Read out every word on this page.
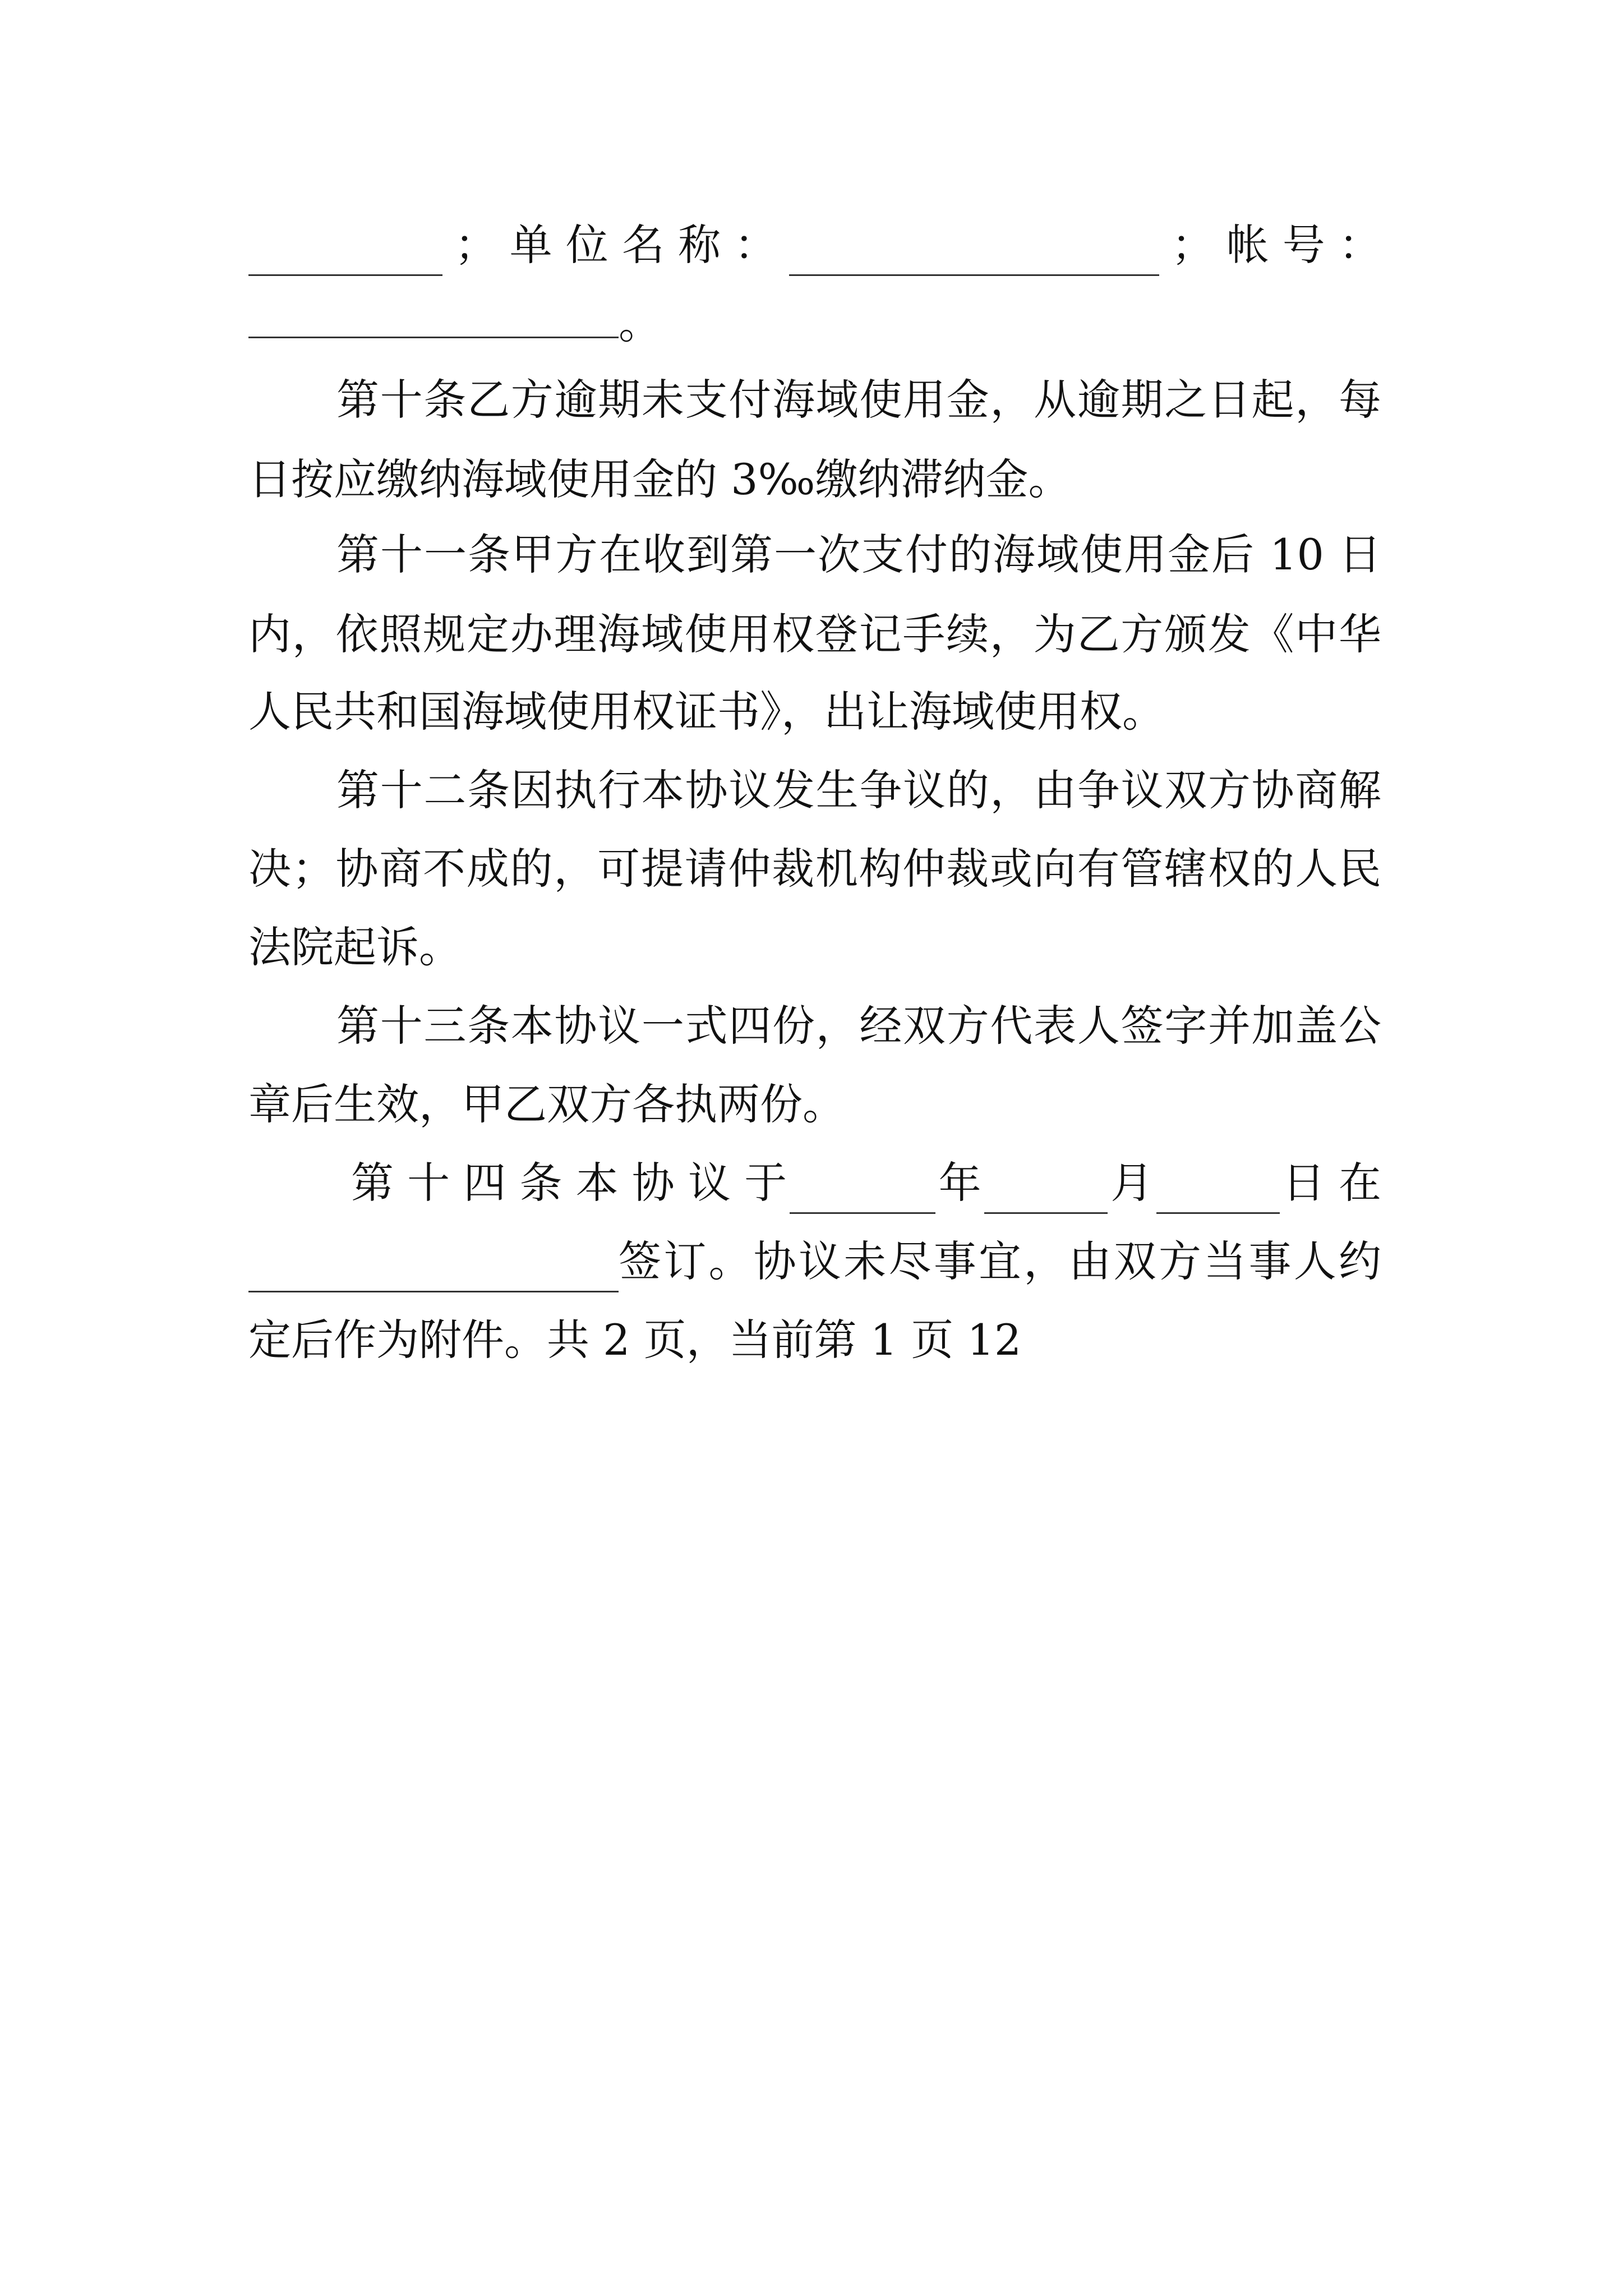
； 单 位 名 称 ：	； 帐 号 ：
。
第十条乙方逾期未支付海域使用金，从逾期之日起，每
日按应缴纳海域使用金的 3‰缴纳滞纳金。
第十一条甲方在收到第一次支付的海域使用金后 10 日
内，依照规定办理海域使用权登记手续，为乙方颁发《中华
人民共和国海域使用权证书》，出让海域使用权。
第十二条因执行本协议发生争议的，由争议双方协商解
决；协商不成的，可提请仲裁机构仲裁或向有管辖权的人民
法院起诉。
第十三条本协议一式四份，经双方代表人签字并加盖公
章后生效，甲乙双方各执两份。
第 十 四 条 本 协 议 于	年	月	日 在
签订。协议未尽事宜，由双方当事人约
定后作为附件。共 2 页，当前第 1 页 12
